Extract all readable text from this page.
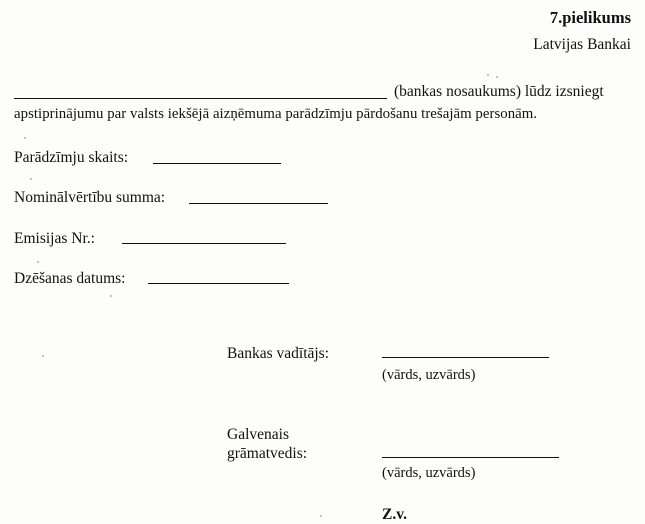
7.pielikums
Latvijas Bankai
(bankas nosaukums) lūdz izsniegt
apstiprinājumu par valsts iekšējā aizņēmuma parādzīmju pārdošanu trešajām personām.
Parādzīmju skaits:
Nominālvērtību summa:
Emisijas Nr.:
Dzēšanas datums:
Bankas vadītājs:
(vārds, uzvārds)
Galvenais
grāmatvedis:
(vārds, uzvārds)
Z.v.
